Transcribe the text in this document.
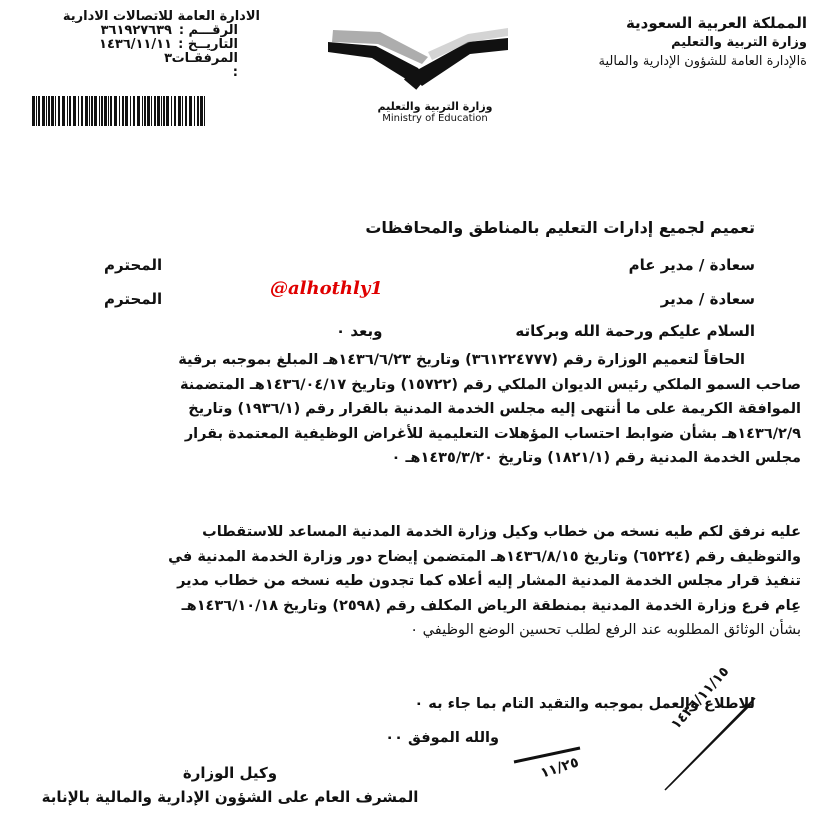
الادارة العامة للاتصالات الادارية
الرقـــم :
٣٦١٩٢٧٦٣٩
التاريــخ :
١٤٣٦/١١/١١
المرفقـات :
٣
وزارة التربية والتعليم
Ministry of Education
المملكة العربية السعودية
وزارة التربية والتعليم
ةالإدارة العامة للشؤون الإدارية والمالية
تعميم لجميع إدارات التعليم بالمناطق والمحافظات
سعادة / مدير عام
المحترم
سعادة / مدير
المحترم	@alhothly1
السلام عليكم ورحمة الله وبركاته
وبعد ٠
الحاقاً لتعميم الوزارة رقم (٣٦١٢٢٤٧٧٧) وتاريخ ١٤٣٦/٦/٢٣هـ المبلغ بموجبه برقية
صاحب السمو الملكي رئيس الديوان الملكي رقم (١٥٧٢٢) وتاريخ ١٤٣٦/٠٤/١٧هـ المتضمنة
الموافقة الكريمة على ما أنتهى إليه مجلس الخدمة المدنية بالقرار رقم (١٩٣٦/١) وتاريخ
١٤٣٦/٢/٩هـ بشأن ضوابط احتساب المؤهلات التعليمية للأغراض الوظيفية المعتمدة بقرار
مجلس الخدمة المدنية رقم (١٨٢١/١) وتاريخ ١٤٣٥/٣/٢٠هـ ٠
عليه نرفق لكم طيه نسخه من خطاب وكيل وزارة الخدمة المدنية المساعد للاستقطاب
والتوظيف رقم (٦٥٢٢٤) وتاريخ ١٤٣٦/٨/١٥هـ المتضمن إيضاح دور وزارة الخدمة المدنية في
تنفيذ قرار مجلس الخدمة المدنية المشار إليه أعلاه كما تجدون طيه نسخه من خطاب مدير
عِام فرع وزارة الخدمة المدنية بمنطقة الرياض المكلف رقم (٢٥٩٨) وتاريخ ١٤٣٦/١٠/١٨هـ
بشأن الوثائق المطلوبه عند الرفع لطلب تحسين الوضع الوظيفي ٠
للاطلاع والعمل بموجبه والتقيد التام بما جاء به ٠
والله الموفق ٠٠
١١/٢٥
١٤٣٦/١١/١٥
وكيل الوزارة
المشرف العام على الشؤون الإدارية والمالية بالإنابة
